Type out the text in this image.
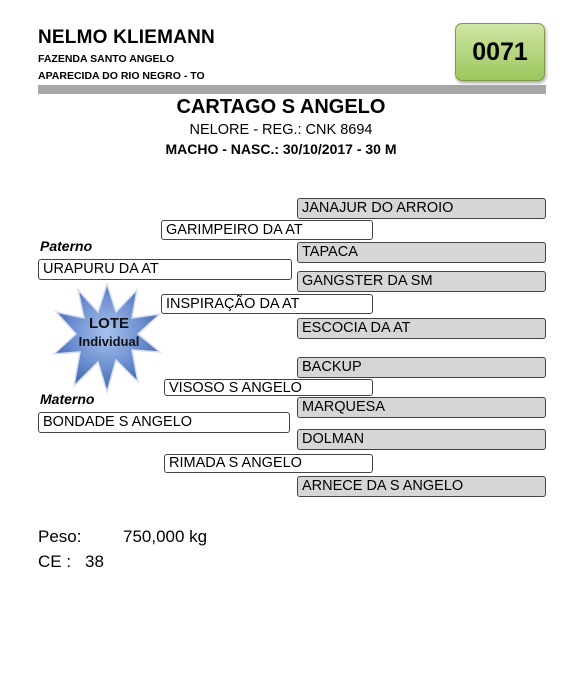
NELMO KLIEMANN
FAZENDA SANTO ANGELO
APARECIDA DO RIO NEGRO - TO
0071
CARTAGO S ANGELO
NELORE - REG.: CNK 8694
MACHO - NASC.: 30/10/2017 - 30 M
JANAJUR DO ARROIO
TAPACA
GANGSTER DA SM
ESCOCIA DA AT
BACKUP
MARQUESA
DOLMAN
ARNECE DA S ANGELO
GARIMPEIRO DA AT
INSPIRAÇÃO DA AT
VISOSO S ANGELO
RIMADA S ANGELO
Paterno
URAPURU DA AT
Materno
BONDADE S ANGELO
LOTE
Individual
Peso: 750,000 kg
CE : 38
